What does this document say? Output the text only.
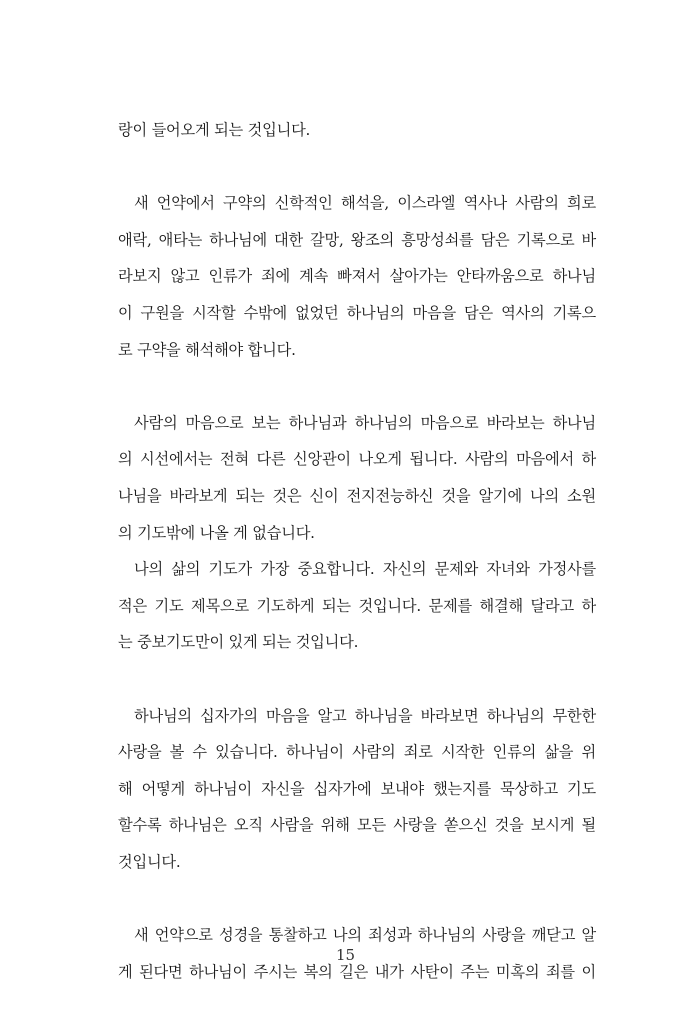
랑이 들어오게 되는 것입니다.
새 언약에서 구약의 신학적인 해석을, 이스라엘 역사나 사람의 희로
애락, 애타는 하나님에 대한 갈망, 왕조의 흥망성쇠를 담은 기록으로 바
라보지 않고 인류가 죄에 계속 빠져서 살아가는 안타까움으로 하나님
이 구원을 시작할 수밖에 없었던 하나님의 마음을 담은 역사의 기록으
로 구약을 해석해야 합니다.
사람의 마음으로 보는 하나님과 하나님의 마음으로 바라보는 하나님
의 시선에서는 전혀 다른 신앙관이 나오게 됩니다. 사람의 마음에서 하
나님을 바라보게 되는 것은 신이 전지전능하신 것을 알기에 나의 소원
의 기도밖에 나올 게 없습니다.
나의 삶의 기도가 가장 중요합니다. 자신의 문제와 자녀와 가정사를
적은 기도 제목으로 기도하게 되는 것입니다. 문제를 해결해 달라고 하
는 중보기도만이 있게 되는 것입니다.
하나님의 십자가의 마음을 알고 하나님을 바라보면 하나님의 무한한
사랑을 볼 수 있습니다. 하나님이 사람의 죄로 시작한 인류의 삶을 위
해 어떻게 하나님이 자신을 십자가에 보내야 했는지를 묵상하고 기도
할수록 하나님은 오직 사람을 위해 모든 사랑을 쏟으신 것을 보시게 될
것입니다.
새 언약으로 성경을 통찰하고 나의 죄성과 하나님의 사랑을 깨닫고 알
게 된다면 하나님이 주시는 복의 길은 내가 사탄이 주는 미혹의 죄를 이
15
